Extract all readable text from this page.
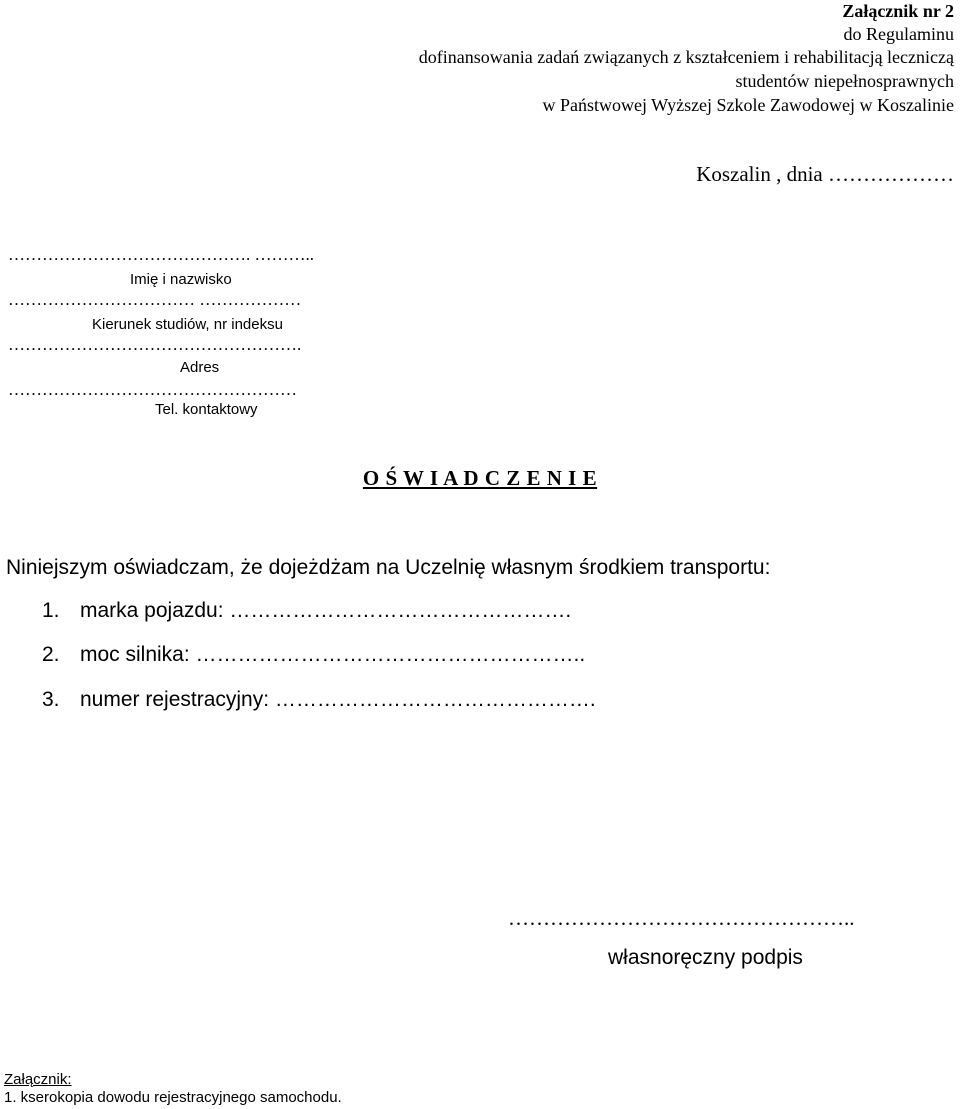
Załącznik nr 2
do Regulaminu
dofinansowania zadań związanych z kształceniem i rehabilitacją leczniczą
studentów niepełnosprawnych
w Państwowej Wyższej Szkole Zawodowej w Koszalinie
Koszalin , dnia ………………
……………………………………. ………..
Imię i nazwisko
…………………………… ………………
Kierunek studiów, nr indeksu
…………………………………………….
Adres
……………………………………………
Tel. kontaktowy
O Ś W I A D C Z E N I E
Niniejszym oświadczam, że dojeżdżam na Uczelnię własnym środkiem transportu:
1. marka pojazdu: ………………………………………….
2. moc silnika: ………………………………………………..
3. numer rejestracyjny: ……………………………………….
…………………………………………..
własnoręczny podpis
Załącznik:
1. kserokopia dowodu rejestracyjnego samochodu.
